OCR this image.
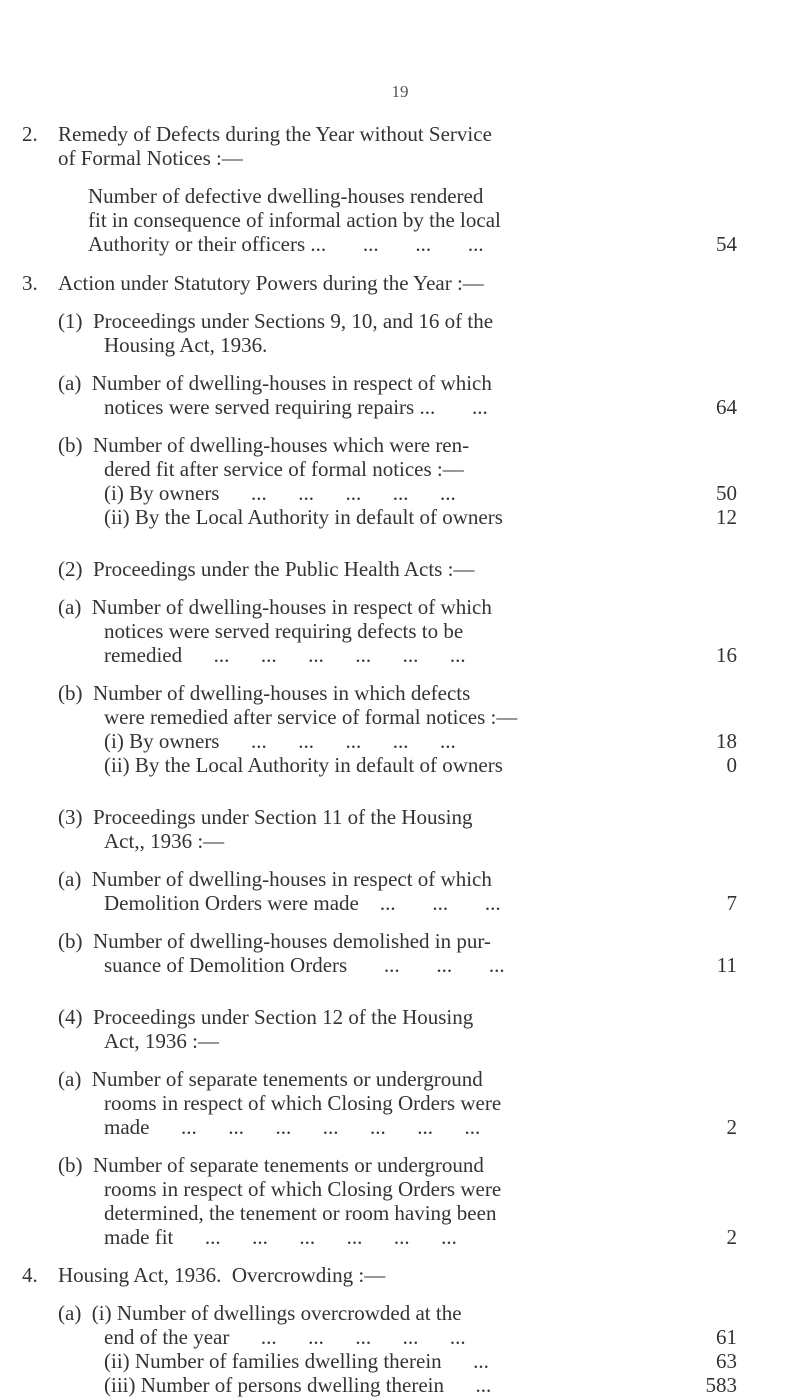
19
2. Remedy of Defects during the Year without Service
of Formal Notices :—
Number of defective dwelling-houses rendered
fit in consequence of informal action by the local
Authority or their officers ...       ...       ...       ...
3. Action under Statutory Powers during the Year :—
(1)  Proceedings under Sections 9, 10, and 16 of the
Housing Act, 1936.
(a)  Number of dwelling-houses in respect of which
notices were served requiring repairs ...       ...
(b)  Number of dwelling-houses which were ren-
dered fit after service of formal notices :—
(i) By owners      ...      ...      ...      ...      ...
(ii) By the Local Authority in default of owners
(2)  Proceedings under the Public Health Acts :—
(a)  Number of dwelling-houses in respect of which
notices were served requiring defects to be
remedied      ...      ...      ...      ...      ...      ...
(b)  Number of dwelling-houses in which defects
were remedied after service of formal notices :—
(i) By owners      ...      ...      ...      ...      ...
(ii) By the Local Authority in default of owners
(3)  Proceedings under Section 11 of the Housing
Act,, 1936 :—
(a)  Number of dwelling-houses in respect of which
Demolition Orders were made    ...       ...       ...
(b)  Number of dwelling-houses demolished in pur-
suance of Demolition Orders       ...       ...       ...
(4)  Proceedings under Section 12 of the Housing
Act, 1936 :—
(a)  Number of separate tenements or underground
rooms in respect of which Closing Orders were
made      ...      ...      ...      ...      ...      ...      ...
(b)  Number of separate tenements or underground
rooms in respect of which Closing Orders were
determined, the tenement or room having been
made fit      ...      ...      ...      ...      ...      ...
4. Housing Act, 1936.  Overcrowding :—
(a)  (i) Number of dwellings overcrowded at the
end of the year      ...      ...      ...      ...      ...
(ii) Number of families dwelling therein      ...
(iii) Number of persons dwelling therein      ...
54
64
50
12
16
18
0
7
11
2
2
61
63
583
